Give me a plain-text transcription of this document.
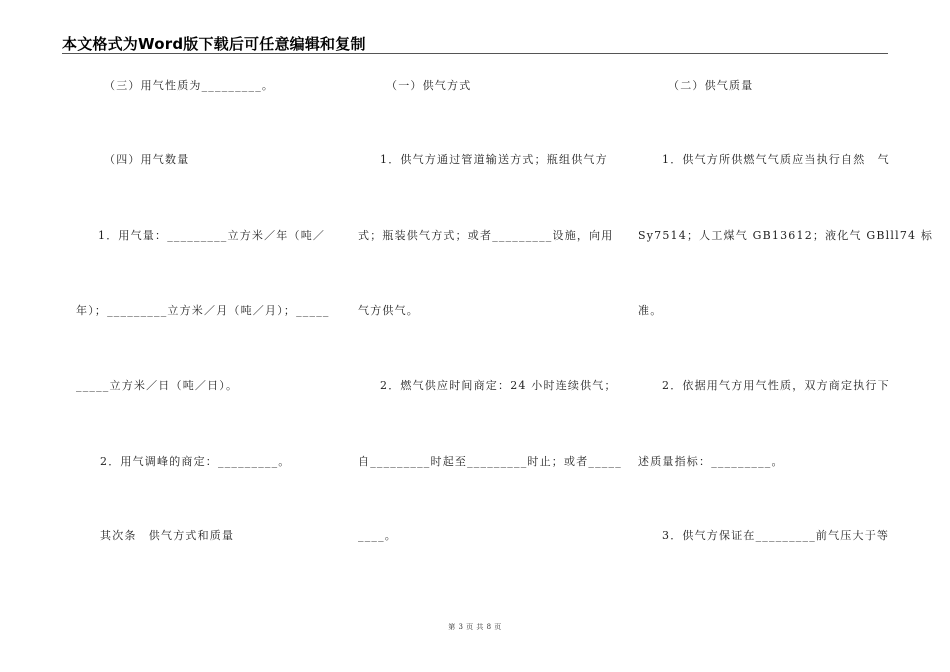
本文格式为Word版下载后可任意编辑和复制
（三）用气性质为_________。
（四）用气数量
1．用气量：_________立方米／年（吨／
年）；_________立方米／月（吨／月）；_____
_____立方米／日（吨／日）。
2．用气调峰的商定：_________。
其次条　供气方式和质量
（一）供气方式
1．供气方通过管道输送方式；瓶组供气方
式；瓶装供气方式；或者_________设施，向用
气方供气。
2．燃气供应时间商定：24 小时连续供气；
自_________时起至_________时止；或者_____
____。
（二）供气质量
1．供气方所供燃气气质应当执行自然　气
Sy7514；人工煤气 GB13612；液化气 GBlll74 标
准。
2．依据用气方用气性质，双方商定执行下
述质量指标：_________。
3．供气方保证在_________前气压大于等
第 3 页 共 8 页
